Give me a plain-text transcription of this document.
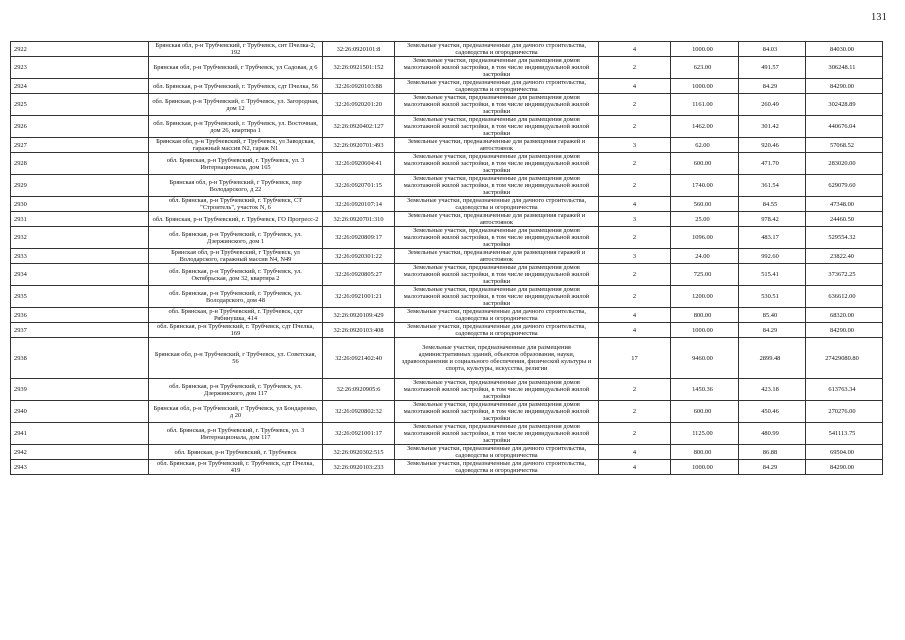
131
2922	Брянская обл, р-н Трубчевский, г Трубчевск, снт Пчелка-2, 192	32:26:0920101:8	Земельные участки, предназначенные для дачного строительства, садоводства и огородничества	4	1000.00	84.03	84030.00
2923	Брянская обл, р-н Трубчевский, г Трубчевск, ул Садовая, д 6	32:26:0921501:152	Земельные участки, предназначенные для размещения домов малоэтажной жилой застройки, в том числе индивидуальной жилой застройки	2	623.00	491.57	306248.11
2924	обл. Брянская, р-н Трубчевский, г. Трубчевск, сдт Пчелка, 56	32:26:0920103:88	Земельные участки, предназначенные для дачного строительства, садоводства и огородничества	4	1000.00	84.29	84290.00
2925	обл. Брянская, р-н Трубчевский, г. Трубчевск, ул. Загородная, дом 12	32:26:0920201:20	Земельные участки, предназначенные для размещения домов малоэтажной жилой застройки, в том числе индивидуальной жилой застройки	2	1161.00	260.49	302428.89
2926	обл. Брянская, р-н Трубчевский, г. Трубчевск, ул. Восточная, дом 26, квартира 1	32:26:0920402:127	Земельные участки, предназначенные для размещения домов малоэтажной жилой застройки, в том числе индивидуальной жилой застройки	2	1462.00	301.42	440676.04
2927	Брянская обл, р-н Трубчевский, г Трубчевск, ул Заводская, гаражный массив N2, гараж N1	32:26:0920701:493	Земельные участки, предназначенные для размещения гаражей и автостоянок	3	62.00	920.46	57068.52
2928	обл. Брянская, р-н Трубчевский, г. Трубчевск, ул. 3 Интернационала, дом 165	32:26:0920604:41	Земельные участки, предназначенные для размещения домов малоэтажной жилой застройки, в том числе индивидуальной жилой застройки	2	600.00	471.70	283020.00
2929	Брянская обл, р-н Трубчевский, г Трубчевск, пер Володарского, д 22	32:26:0920701:15	Земельные участки, предназначенные для размещения домов малоэтажной жилой застройки, в том числе индивидуальной жилой застройки	2	1740.00	361.54	629079.60
2930	обл. Брянская, р-н Трубчевский, г. Трубчевск, СТ "Строитель", участок N, 6	32:26:0920107:14	Земельные участки, предназначенные для дачного строительства, садоводства и огородничества	4	560.00	84.55	47348.00
2931	обл. Брянская, р-н Трубчевский, г. Трубчевск, ГО Прогресс-2	32:26:0920701:310	Земельные участки, предназначенные для размещения гаражей и автостоянок	3	25.00	978.42	24460.50
2932	обл. Брянская, р-н Трубчевский, г. Трубчевск, ул. Дзержинского, дом 1	32:26:0920809:17	Земельные участки, предназначенные для размещения домов малоэтажной жилой застройки, в том числе индивидуальной жилой застройки	2	1096.00	483.17	529554.32
2933	Брянская обл, р-н Трубчевский, г Трубчевск, ул Володарского, гаражный массив N4, N49	32:26:0920301:22	Земельные участки, предназначенные для размещения гаражей и автостоянок	3	24.00	992.60	23822.40
2934	обл. Брянская, р-н Трубчевский, г. Трубчевск, ул. Октябрьская, дом 32, квартира 2	32:26:0920805:27	Земельные участки, предназначенные для размещения домов малоэтажной жилой застройки, в том числе индивидуальной жилой застройки	2	725.00	515.41	373672.25
2935	обл. Брянская, р-н Трубчевский, г. Трубчевск, ул. Володарского, дом 48	32:26:0921001:21	Земельные участки, предназначенные для размещения домов малоэтажной жилой застройки, в том числе индивидуальной жилой застройки	2	1200.00	530.51	636612.00
2936	обл. Брянская, р-н Трубчевский, г. Трубчевск, сдт Рябинушка, 414	32:26:0920109:429	Земельные участки, предназначенные для дачного строительства, садоводства и огородничества	4	800.00	85.40	68320.00
2937	обл. Брянская, р-н Трубчевский, г. Трубчевск, сдт Пчелка, 169	32:26:0920103:408	Земельные участки, предназначенные для дачного строительства, садоводства и огородничества	4	1000.00	84.29	84290.00
2938	Брянская обл, р-н Трубчевский, г Трубчевск, ул. Советская, 56	32:26:0921402:40	Земельные участки, предназначенные для размещения административных зданий, объектов образования, науки, здравоохранения и социального обеспечения, физической культуры и спорта, культуры, искусства, религии	17	9460.00	2899.48	27429080.80
2939	обл. Брянская, р-н Трубчевский, г. Трубчевск, ул. Дзержинского, дом 117	32:26:0920905:6	Земельные участки, предназначенные для размещения домов малоэтажной жилой застройки, в том числе индивидуальной жилой застройки	2	1450.36	423.18	613763.34
2940	Брянская обл, р-н Трубчевский, г Трубчевск, ул Бондаренко, д 20	32:26:0920802:32	Земельные участки, предназначенные для размещения домов малоэтажной жилой застройки, в том числе индивидуальной жилой застройки	2	600.00	450.46	270276.00
2941	обл. Брянская, р-н Трубчевский, г. Трубчевск, ул. 3 Интернационала, дом 117	32:26:0921001:17	Земельные участки, предназначенные для размещения домов малоэтажной жилой застройки, в том числе индивидуальной жилой застройки	2	1125.00	480.99	541113.75
2942	обл. Брянская, р-н Трубчевский, г. Трубчевск	32:26:0920302:515	Земельные участки, предназначенные для дачного строительства, садоводства и огородничества	4	800.00	86.88	69504.00
2943	обл. Брянская, р-н Трубчевский, г. Трубчевск, сдт Пчелка, 419	32:26:0920103:233	Земельные участки, предназначенные для дачного строительства, садоводства и огородничества	4	1000.00	84.29	84290.00
